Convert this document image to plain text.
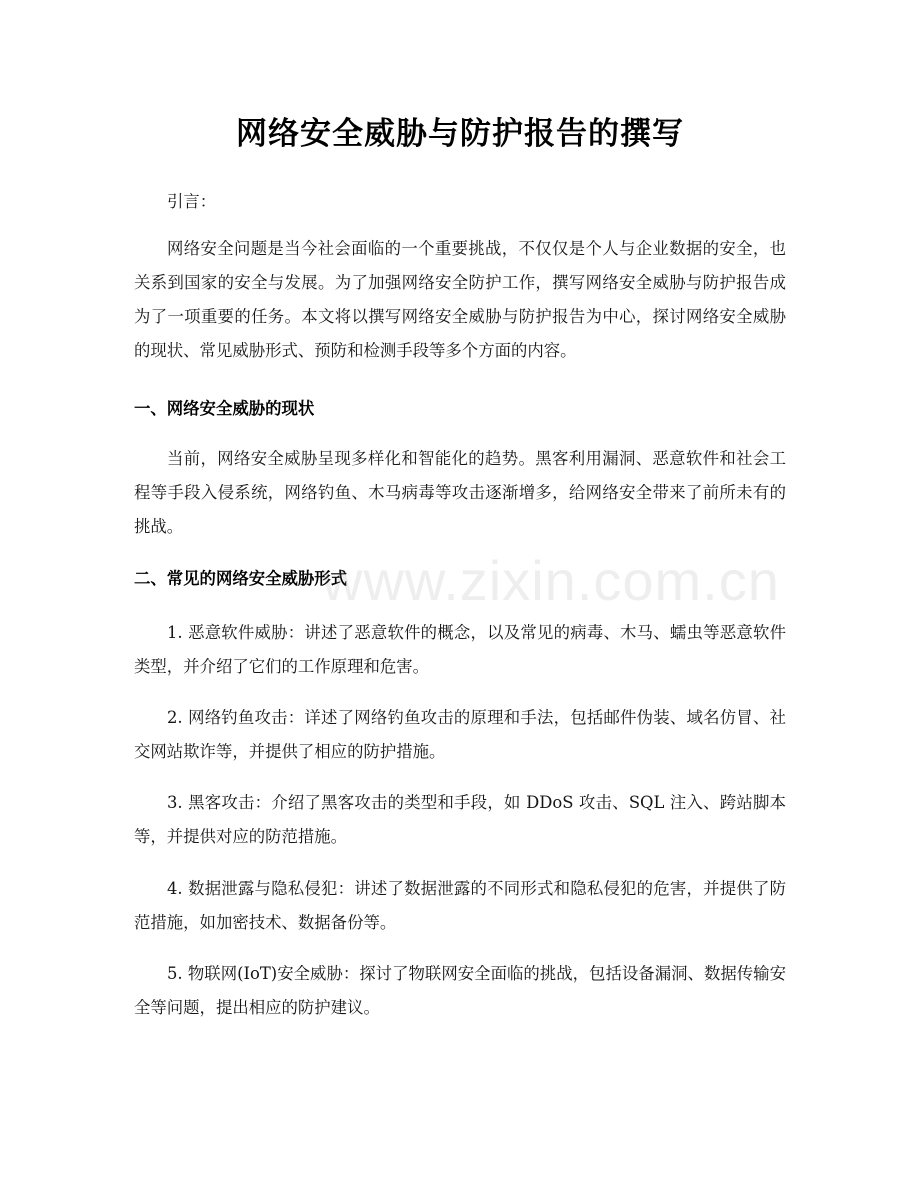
网络安全威胁与防护报告的撰写

引言：

网络安全问题是当今社会面临的一个重要挑战，不仅仅是个人与企业数据的安全，也关系到国家的安全与发展。为了加强网络安全防护工作，撰写网络安全威胁与防护报告成为了一项重要的任务。本文将以撰写网络安全威胁与防护报告为中心，探讨网络安全威胁的现状、常见威胁形式、预防和检测手段等多个方面的内容。

一、网络安全威胁的现状

当前，网络安全威胁呈现多样化和智能化的趋势。黑客利用漏洞、恶意软件和社会工程等手段入侵系统，网络钓鱼、木马病毒等攻击逐渐增多，给网络安全带来了前所未有的挑战。

二、常见的网络安全威胁形式

1. 恶意软件威胁：讲述了恶意软件的概念，以及常见的病毒、木马、蠕虫等恶意软件类型，并介绍了它们的工作原理和危害。

2. 网络钓鱼攻击：详述了网络钓鱼攻击的原理和手法，包括邮件伪装、域名仿冒、社交网站欺诈等，并提供了相应的防护措施。

3. 黑客攻击：介绍了黑客攻击的类型和手段，如 DDoS 攻击、SQL 注入、跨站脚本等，并提供对应的防范措施。

4. 数据泄露与隐私侵犯：讲述了数据泄露的不同形式和隐私侵犯的危害，并提供了防范措施，如加密技术、数据备份等。

5. 物联网(IoT)安全威胁：探讨了物联网安全面临的挑战，包括设备漏洞、数据传输安全等问题，提出相应的防护建议。

www.zixin.com.cn
